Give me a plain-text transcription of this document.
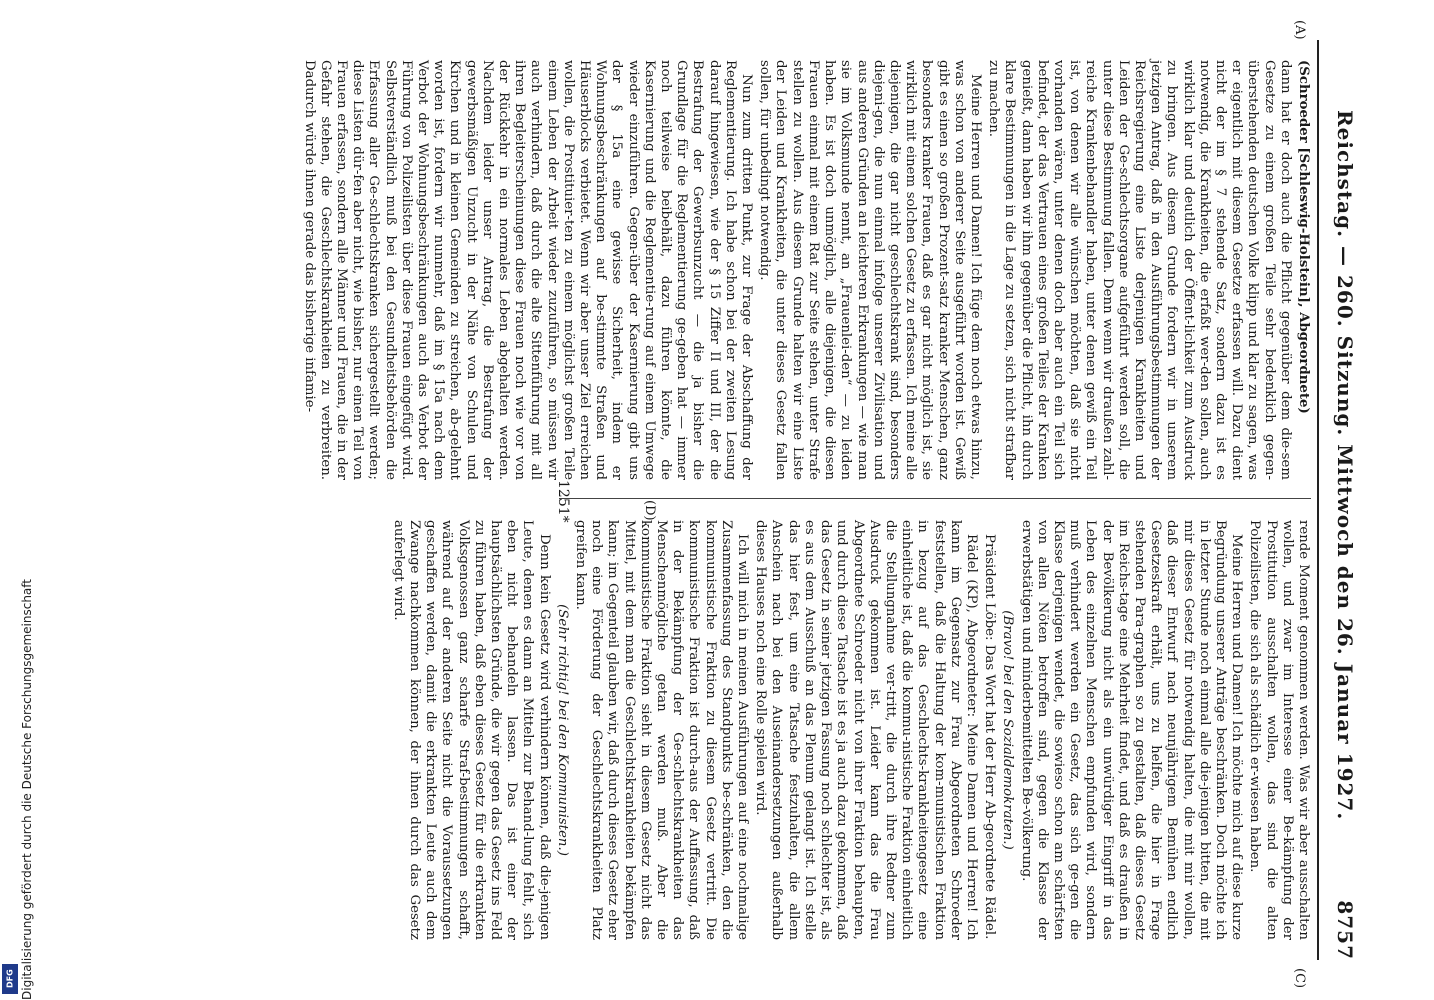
Digitalisierung gefördert durch die Deutsche Forschungsgemeinschaft
DFG
Reichstag. — 260. Sitzung. Mittwoch den 26. Januar 1927.
8757
(A)
(C)
(D)

(Schroeder [Schleswig-Holstein], Abgeordnete)

dann hat er doch auch die Pflicht gegenüber dem die-sem Gesetze zu einem großen Teile sehr bedenklich gegen-überstehenden deutschen Volke klipp und klar zu sagen, was er eigentlich mit diesem Gesetze erfassen will. Dazu dient nicht der im § 7 stehende Satz, sondern dazu ist es notwendig, die Krankheiten, die erfaßt wer-den sollen, auch wirklich klar und deutlich der Öffent-lichkeit zum Ausdruck zu bringen. Aus diesem Grunde fordern wir in unserem jetzigen Antrag, daß in den Ausführungsbestimmungen der Reichsregierung eine Liste derjenigen Krankheiten und Leiden der Ge-schlechtsorgane aufgeführt werden soll, die unter diese Bestimmung fallen. Denn wenn wir draußen zahl-reiche Krankenbehandler haben, unter denen gewiß ein Teil ist, von denen wir alle wünschen möchten, daß sie nicht vorhanden wären, unter denen doch aber auch ein Teil sich befindet, der das Vertrauen eines großen Teiles der Kranken genießt, dann haben wir ihm gegenüber die Pflicht, ihn durch klare Bestimmungen in die Lage zu setzen, sich nicht strafbar zu machen.

Meine Herren und Damen! Ich füge dem noch etwas hinzu, was schon von anderer Seite ausgeführt worden ist. Gewiß gibt es einen so großen Prozent-satz kranker Menschen, ganz besonders kranker Frauen, daß es gar nicht möglich ist, sie wirklich mit einem solchen Gesetz zu erfassen. Ich meine alle diejenigen, die gar nicht geschlechtskrank sind, besonders diejeni-gen, die nun einmal infolge unserer Zivilisation und aus anderen Gründen an leichteren Erkrankungen — wie man sie im Volksmunde nennt, an „Frauenlei-den“ — zu leiden haben. Es ist doch unmöglich, alle diejenigen, die diesen Frauen einmal mit einem Rat zur Seite stehen, unter Strafe stellen zu wollen. Aus diesem Grunde halten wir eine Liste der Leiden und Krankheiten, die unter dieses Gesetz fallen sollen, für unbedingt notwendig.

Nun zum dritten Punkt, zur Frage der Abschaffung der Reglementierung. Ich habe schon bei der zweiten Lesung darauf hingewiesen, wie der § 15 Ziffer II und III, der die Bestrafung der Gewerbsunzucht — die ja bisher die Grundlage für die Reglementierung ge-geben hat — immer noch teilweise beibehält, dazu führen könnte, die Kasernierung und die Reglementie-rung auf einem Umwege wieder einzuführen. Gegen-über der Kasernierung gibt uns der § 15a eine gewisse Sicherheit, indem er Wohnungsbeschränkungen auf be-stimmte Straßen und Häuserblocks verbietet. Wenn wir aber unser Ziel erreichen wollen, die Prostituier-ten zu einem möglichst großen Teile einem Leben der Arbeit wieder zuzuführen, so müssen wir auch verhindern, daß durch die alte Sittenführung mit all ihren Begleiterscheinungen diese Frauen noch wie vor von der Rückkehr in ein normales Leben abgehalten werden. Nachdem leider unser Antrag, die Bestrafung der gewerbsmäßigen Unzucht in der Nähe von Schulen und Kirchen und in kleinen Gemeinden zu streichen, ab-gelehnt worden ist, fordern wir nunmehr, daß im § 15a nach dem Verbot der Wohnungsbeschränkungen auch das Verbot der Führung von Polizeilisten über diese Frauen eingefügt wird. Selbstverständlich muß bei den Gesundheitsbehörden die Erfassung aller Ge-schlechtskranken sichergestellt werden; diese Listen dür-fen aber nicht, wie bisher, nur einen Teil von Frauen erfassen, sondern alle Männer und Frauen, die in der Gefahr stehen, die Geschlechtskrankheiten zu verbreiten. Dadurch würde ihnen gerade das bisherige infamie-

rende Moment genommen werden. Was wir aber ausschalten wollen, und zwar im Interesse einer Be-kämpfung der Prostitution ausschalten wollen, das sind die alten Polizeilisten, die sich als schädlich er-wiesen haben.

Meine Herren und Damen! Ich möchte mich auf diese kurze Begründung unserer Anträge beschränken. Doch möchte ich in letzter Stunde noch einmal alle die-jenigen bitten, die mit mir dieses Gesetz für notwendig halten, die mit mir wollen, daß dieser Entwurf nach neunjährigem Bemühen endlich Gesetzeskraft erhält, uns zu helfen, die hier in Frage stehenden Para-graphen so zu gestalten, daß dieses Gesetz im Reichs-tage eine Mehrheit findet, und daß es draußen in der Bevölkerung nicht als ein unwürdiger Eingriff in das Leben des einzelnen Menschen empfunden wird, sondern muß verhindert werden ein Gesetz, das sich ge-gen die Klasse derjenigen wendet, die sowieso schon am schärfsten von allen Nöten betroffen sind, gegen die Klasse der erwerbstätigen und minderbemittelten Be-völkerung.

(Bravo! bei den Sozialdemokraten.)

Präsident Löbe: Das Wort hat der Herr Ab-geordnete Rädel.

Rädel (KP), Abgeordneter: Meine Damen und Herren! Ich kann im Gegensatz zur Frau Abgeordneten Schroeder feststellen, daß die Haltung der kom-munistischen Fraktion in bezug auf das Geschlechts-krankheitengesetz eine einheitliche ist, daß die kommu-nistische Fraktion einheitlich die Stellungnahme ver-tritt, die durch ihre Redner zum Ausdruck gekommen ist. Leider kann das die Frau Abgeordnete Schroeder nicht von ihrer Fraktion behaupten, und durch diese Tatsache ist es ja auch dazu gekommen, daß das Gesetz in seiner jetzigen Fassung noch schlechter ist, als es aus dem Ausschuß an das Plenum gelangt ist. Ich stelle das hier fest, um eine Tatsache festzuhalten, die allem Anschein nach bei den Auseinandersetzungen außerhalb dieses Hauses noch eine Rolle spielen wird.

Ich will mich in meinen Ausführungen auf eine nochmalige Zusammenfassung des Standpunkts be-schränken, den die kommunistische Fraktion zu diesem Gesetz vertritt. Die kommunistische Fraktion ist durch-aus der Auffassung, daß in der Bekämpfung der Ge-schlechtskrankheiten das Menschenmögliche getan werden muß. Aber die kommunistische Fraktion sieht in diesem Gesetz nicht das Mittel, mit dem man die Geschlechtskrankheiten bekämpfen kann; im Gegenteil glauben wir, daß durch dieses Gesetz eher noch eine Förderung der Geschlechtskrankheiten Platz greifen kann.

(Sehr richtig! bei den Kommunisten.)

Denn kein Gesetz wird verhindern können, daß die-jenigen Leute, denen es dann an Mitteln zur Behand-lung fehlt, sich eben nicht behandeln lassen. Das ist einer der hauptsächlichsten Gründe, die wir gegen das Gesetz ins Feld zu führen haben, daß eben dieses Gesetz für die erkrankten Volksgenossen ganz scharfe Straf-bestimmungen schafft, während auf der anderen Seite nicht die Voraussetzungen geschaffen werden, damit die erkrankten Leute auch dem Zwange nachkommen können, der ihnen durch das Gesetz auferlegt wird.

1251*
